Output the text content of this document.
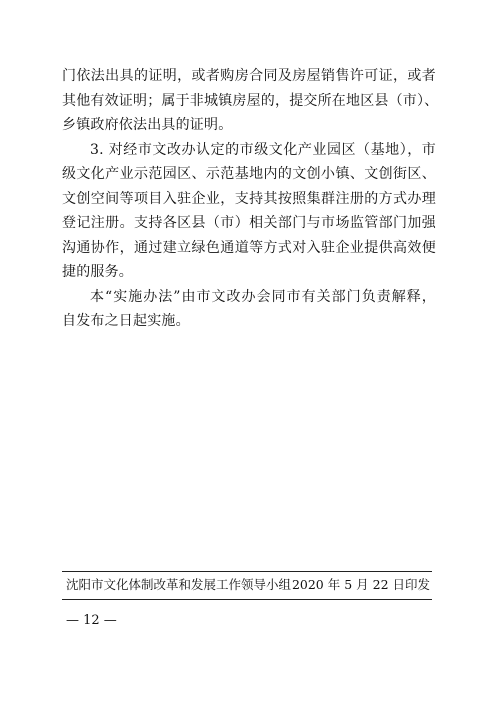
门依法出具的证明，或者购房合同及房屋销售许可证，或者
其他有效证明；属于非城镇房屋的，提交所在地区县（市）、
乡镇政府依法出具的证明。
3. 对经市文改办认定的市级文化产业园区（基地），市
级文化产业示范园区、示范基地内的文创小镇、文创街区、
文创空间等项目入驻企业，支持其按照集群注册的方式办理
登记注册。支持各区县（市）相关部门与市场监管部门加强
沟通协作，通过建立绿色通道等方式对入驻企业提供高效便
捷的服务。
本“实施办法”由市文改办会同市有关部门负责解释，
自发布之日起实施。
沈阳市文化体制改革和发展工作领导小组 2020 年 5 月 22 日印发
— 12 —
